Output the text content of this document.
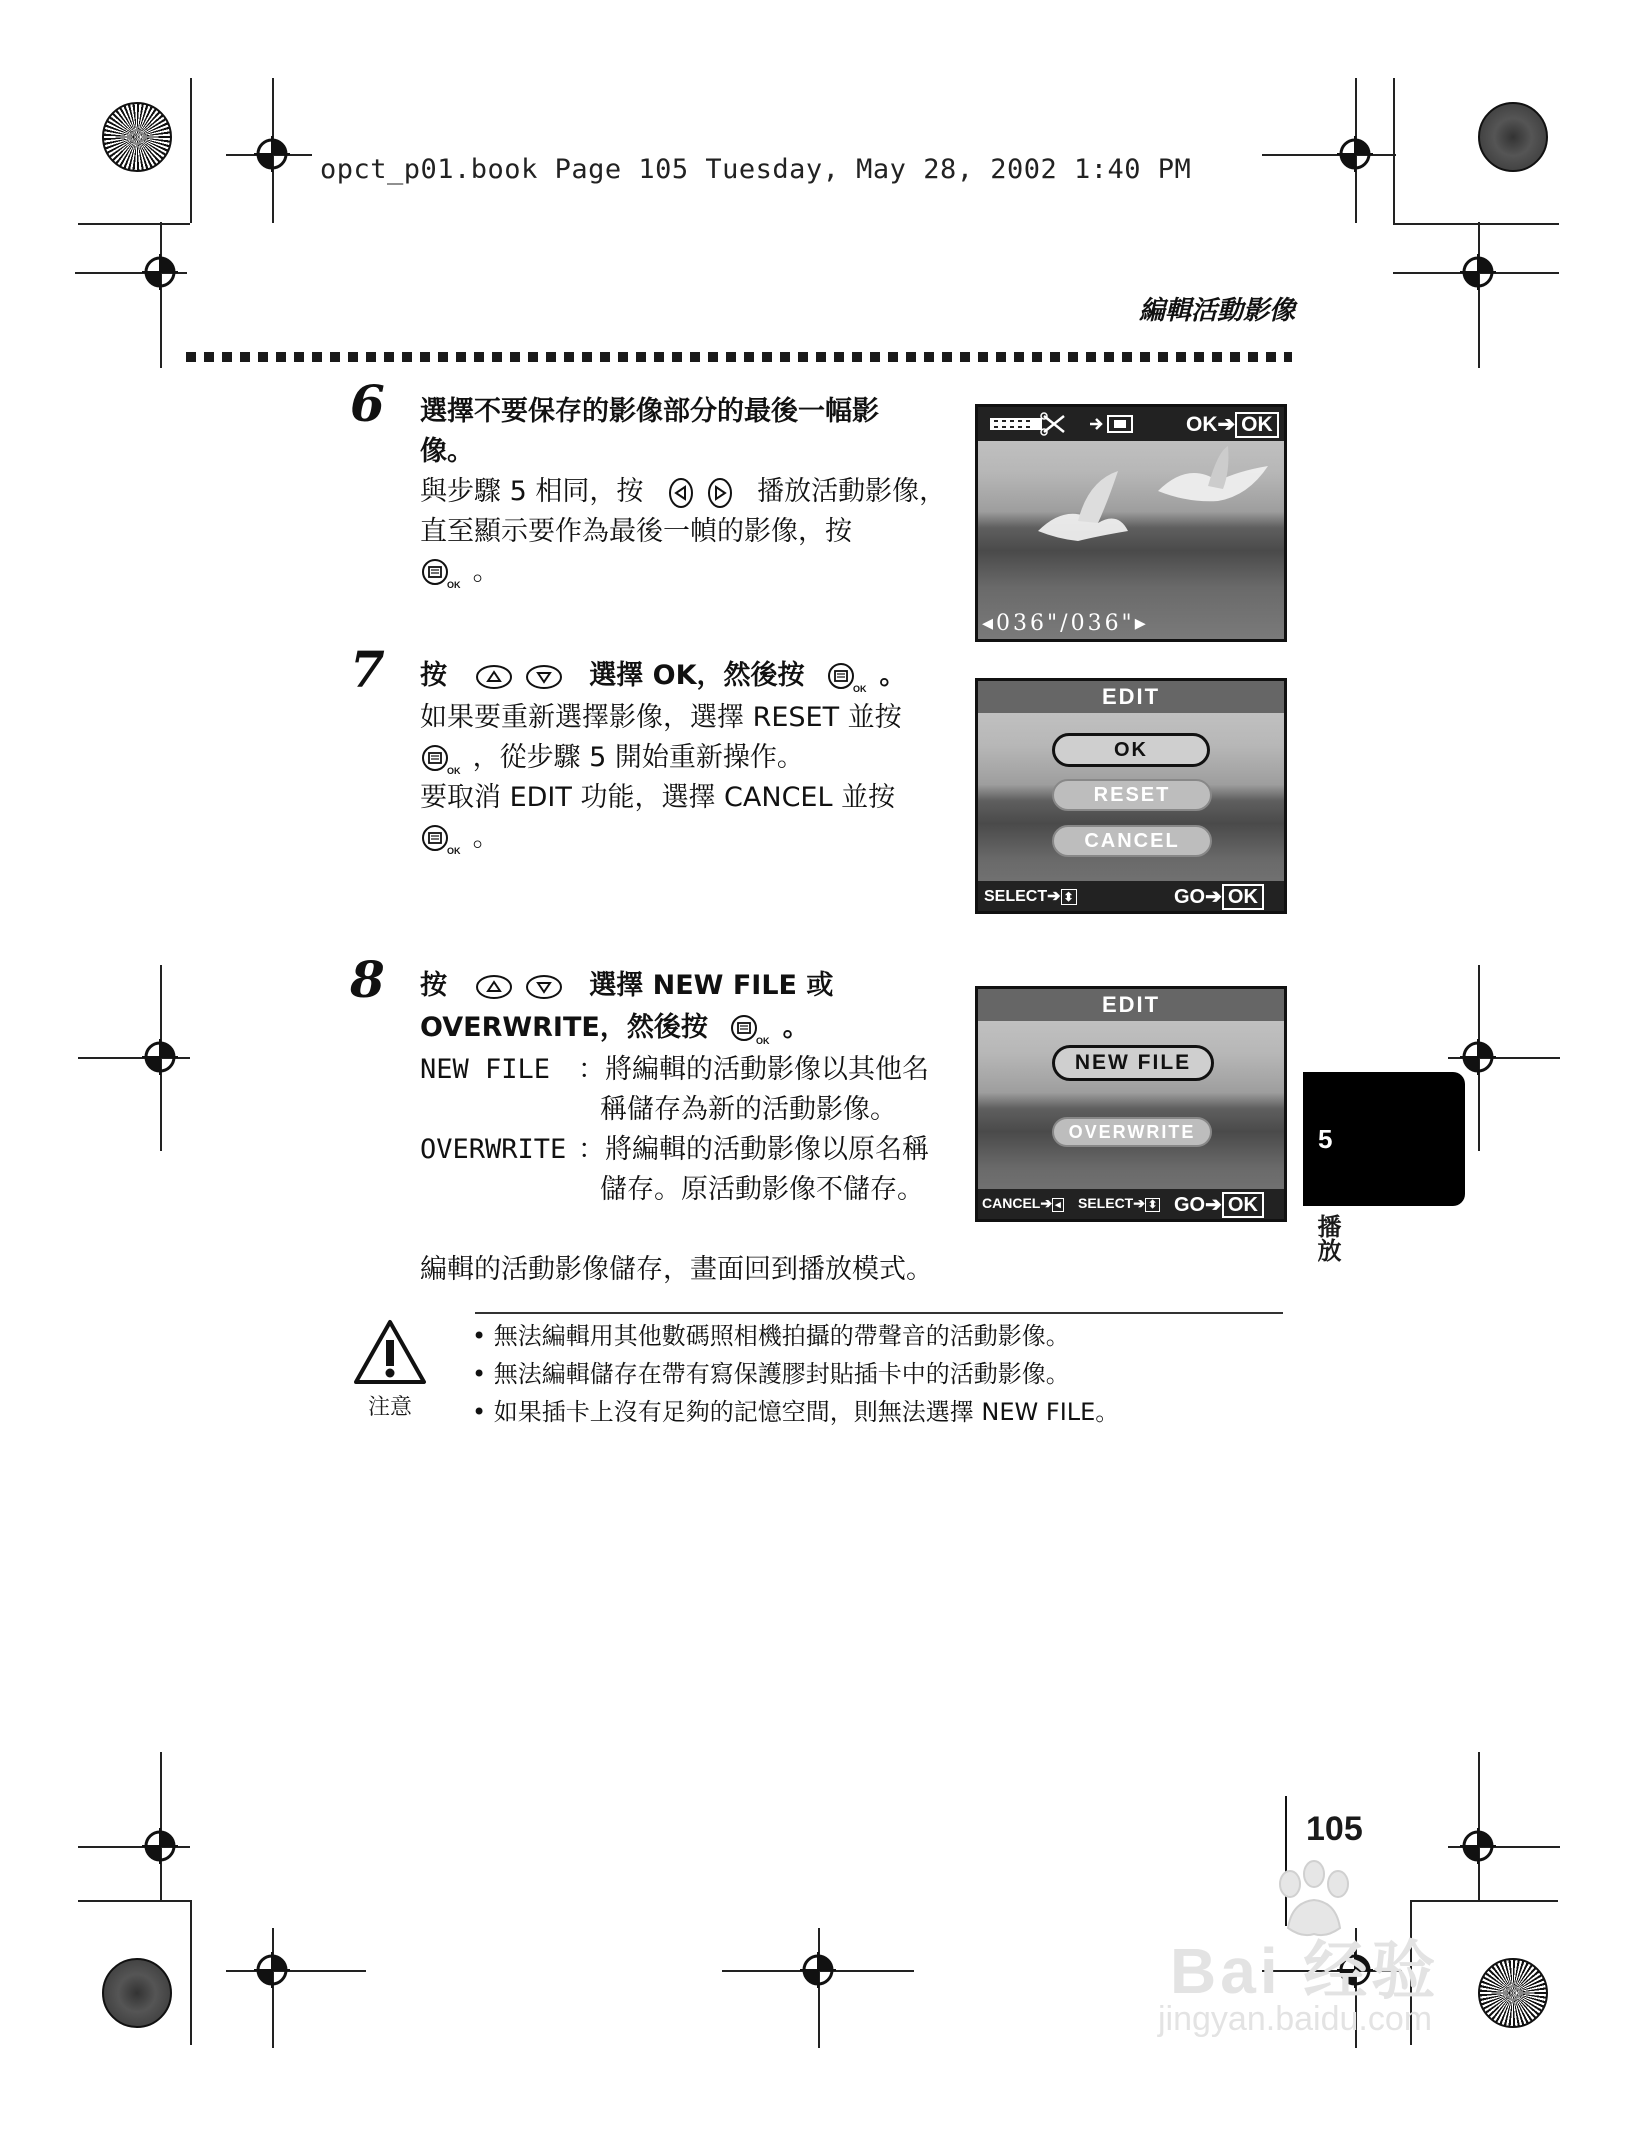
opct_p01.book Page 105 Tuesday, May 28, 2002 1:40 PM
編輯活動影像
6 選擇不要保存的影像部分的最後一幅影
像。
與步驟 5 相同，按	播放活動影像，
直至顯示要作為最後一幀的影像，按
OK 。
OK➔ OK
◂036"/036"▸
7 按	選擇 OK，然後按	OK 。
如果要重新選擇影像，選擇 RESET 並按
OK ，從步驟 5 開始重新操作。
要取消 EDIT 功能，選擇 CANCEL 並按
OK 。
EDIT
OK
RESET
CANCEL
SELECT➔ ⬍	GO➔ OK
8 按	選擇 NEW FILE 或
OVERWRITE，然後按	OK 。
NEW FILE ：將編輯的活動影像以其他名
稱儲存為新的活動影像。
OVERWRITE ：將編輯的活動影像以原名稱
儲存。原活動影像不儲存。
編輯的活動影像儲存，畫面回到播放模式。
EDIT
NEW FILE
OVERWRITE
CANCEL➔ ◂ SELECT➔ ⬍ GO➔ OK
注意
• 無法編輯用其他數碼照相機拍攝的帶聲音的活動影像。
• 無法編輯儲存在帶有寫保護膠封貼插卡中的活動影像。
• 如果插卡上沒有足夠的記憶空間，則無法選擇 NEW FILE。
5
播放
105
Bai 经验
jingyan.baidu.com
